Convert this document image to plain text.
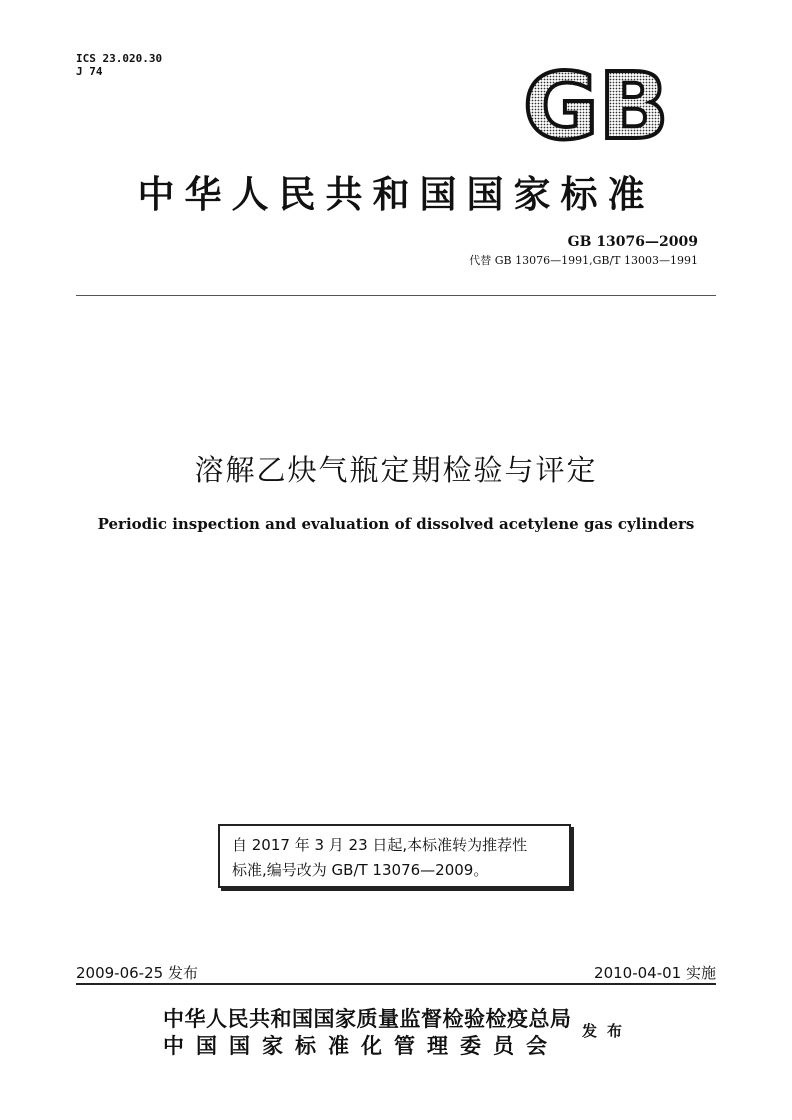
ICS 23.020.30
J 74	GB
中华人民共和国国家标准
GB 13076—2009
代替 GB 13076—1991,GB/T 13003—1991
溶解乙炔气瓶定期检验与评定
Periodic inspection and evaluation of dissolved acetylene gas cylinders
自 2017 年 3 月 23 日起,本标准转为推荐性
标准,编号改为 GB/T 13076—2009。
2009-06-25 发布	2010-04-01 实施
中华人民共和国国家质量监督检验检疫总局
中国国家标准化管理委员会
发布
